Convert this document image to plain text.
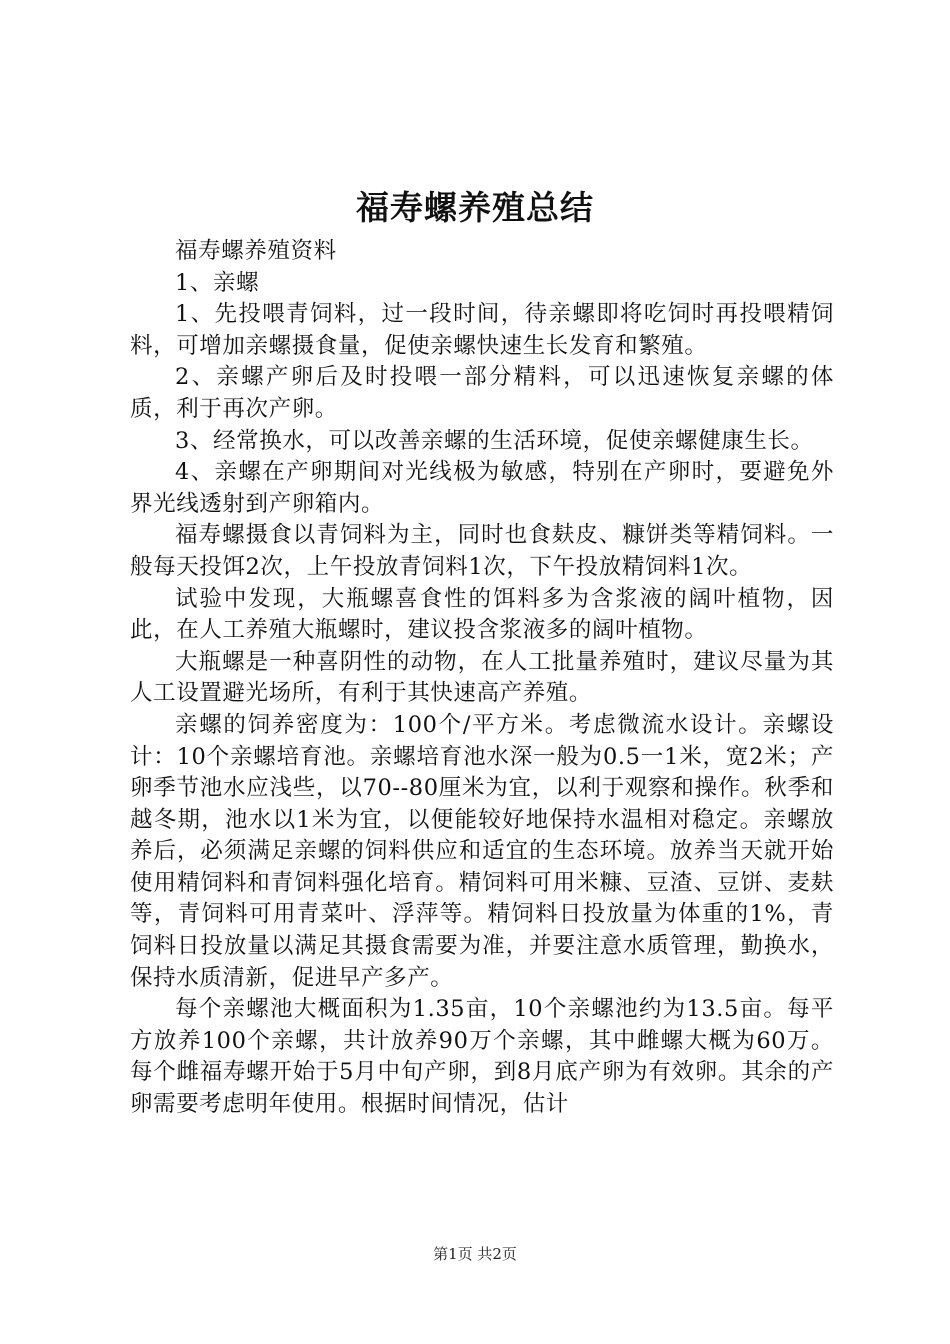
福寿螺养殖总结

福寿螺养殖资料

1、亲螺

1、先投喂青饲料，过一段时间，待亲螺即将吃饲时再投喂精饲料，可增加亲螺摄食量，促使亲螺快速生长发育和繁殖。

2、亲螺产卵后及时投喂一部分精料，可以迅速恢复亲螺的体质，利于再次产卵。

3、经常换水，可以改善亲螺的生活环境，促使亲螺健康生长。

4、亲螺在产卵期间对光线极为敏感，特别在产卵时，要避免外界光线透射到产卵箱内。

福寿螺摄食以青饲料为主，同时也食麸皮、糠饼类等精饲料。一般每天投饵2次，上午投放青饲料1次，下午投放精饲料1次。

试验中发现，大瓶螺喜食性的饵料多为含浆液的阔叶植物，因此，在人工养殖大瓶螺时，建议投含浆液多的阔叶植物。

大瓶螺是一种喜阴性的动物，在人工批量养殖时，建议尽量为其人工设置避光场所，有利于其快速高产养殖。

亲螺的饲养密度为：100个/平方米。考虑微流水设计。亲螺设计：10个亲螺培育池。亲螺培育池水深一般为0.5一1米，宽2米；产卵季节池水应浅些，以70--80厘米为宜，以利于观察和操作。秋季和越冬期，池水以1米为宜，以便能较好地保持水温相对稳定。亲螺放养后，必须满足亲螺的饲料供应和适宜的生态环境。放养当天就开始使用精饲料和青饲料强化培育。精饲料可用米糠、豆渣、豆饼、麦麸等，青饲料可用青菜叶、浮萍等。精饲料日投放量为体重的1%，青饲料日投放量以满足其摄食需要为准，并要注意水质管理，勤换水，保持水质清新，促进早产多产。

每个亲螺池大概面积为1.35亩，10个亲螺池约为13.5亩。每平方放养100个亲螺，共计放养90万个亲螺，其中雌螺大概为60万。每个雌福寿螺开始于5月中旬产卵，到8月底产卵为有效卵。其余的产卵需要考虑明年使用。根据时间情况，估计

第1页 共2页
